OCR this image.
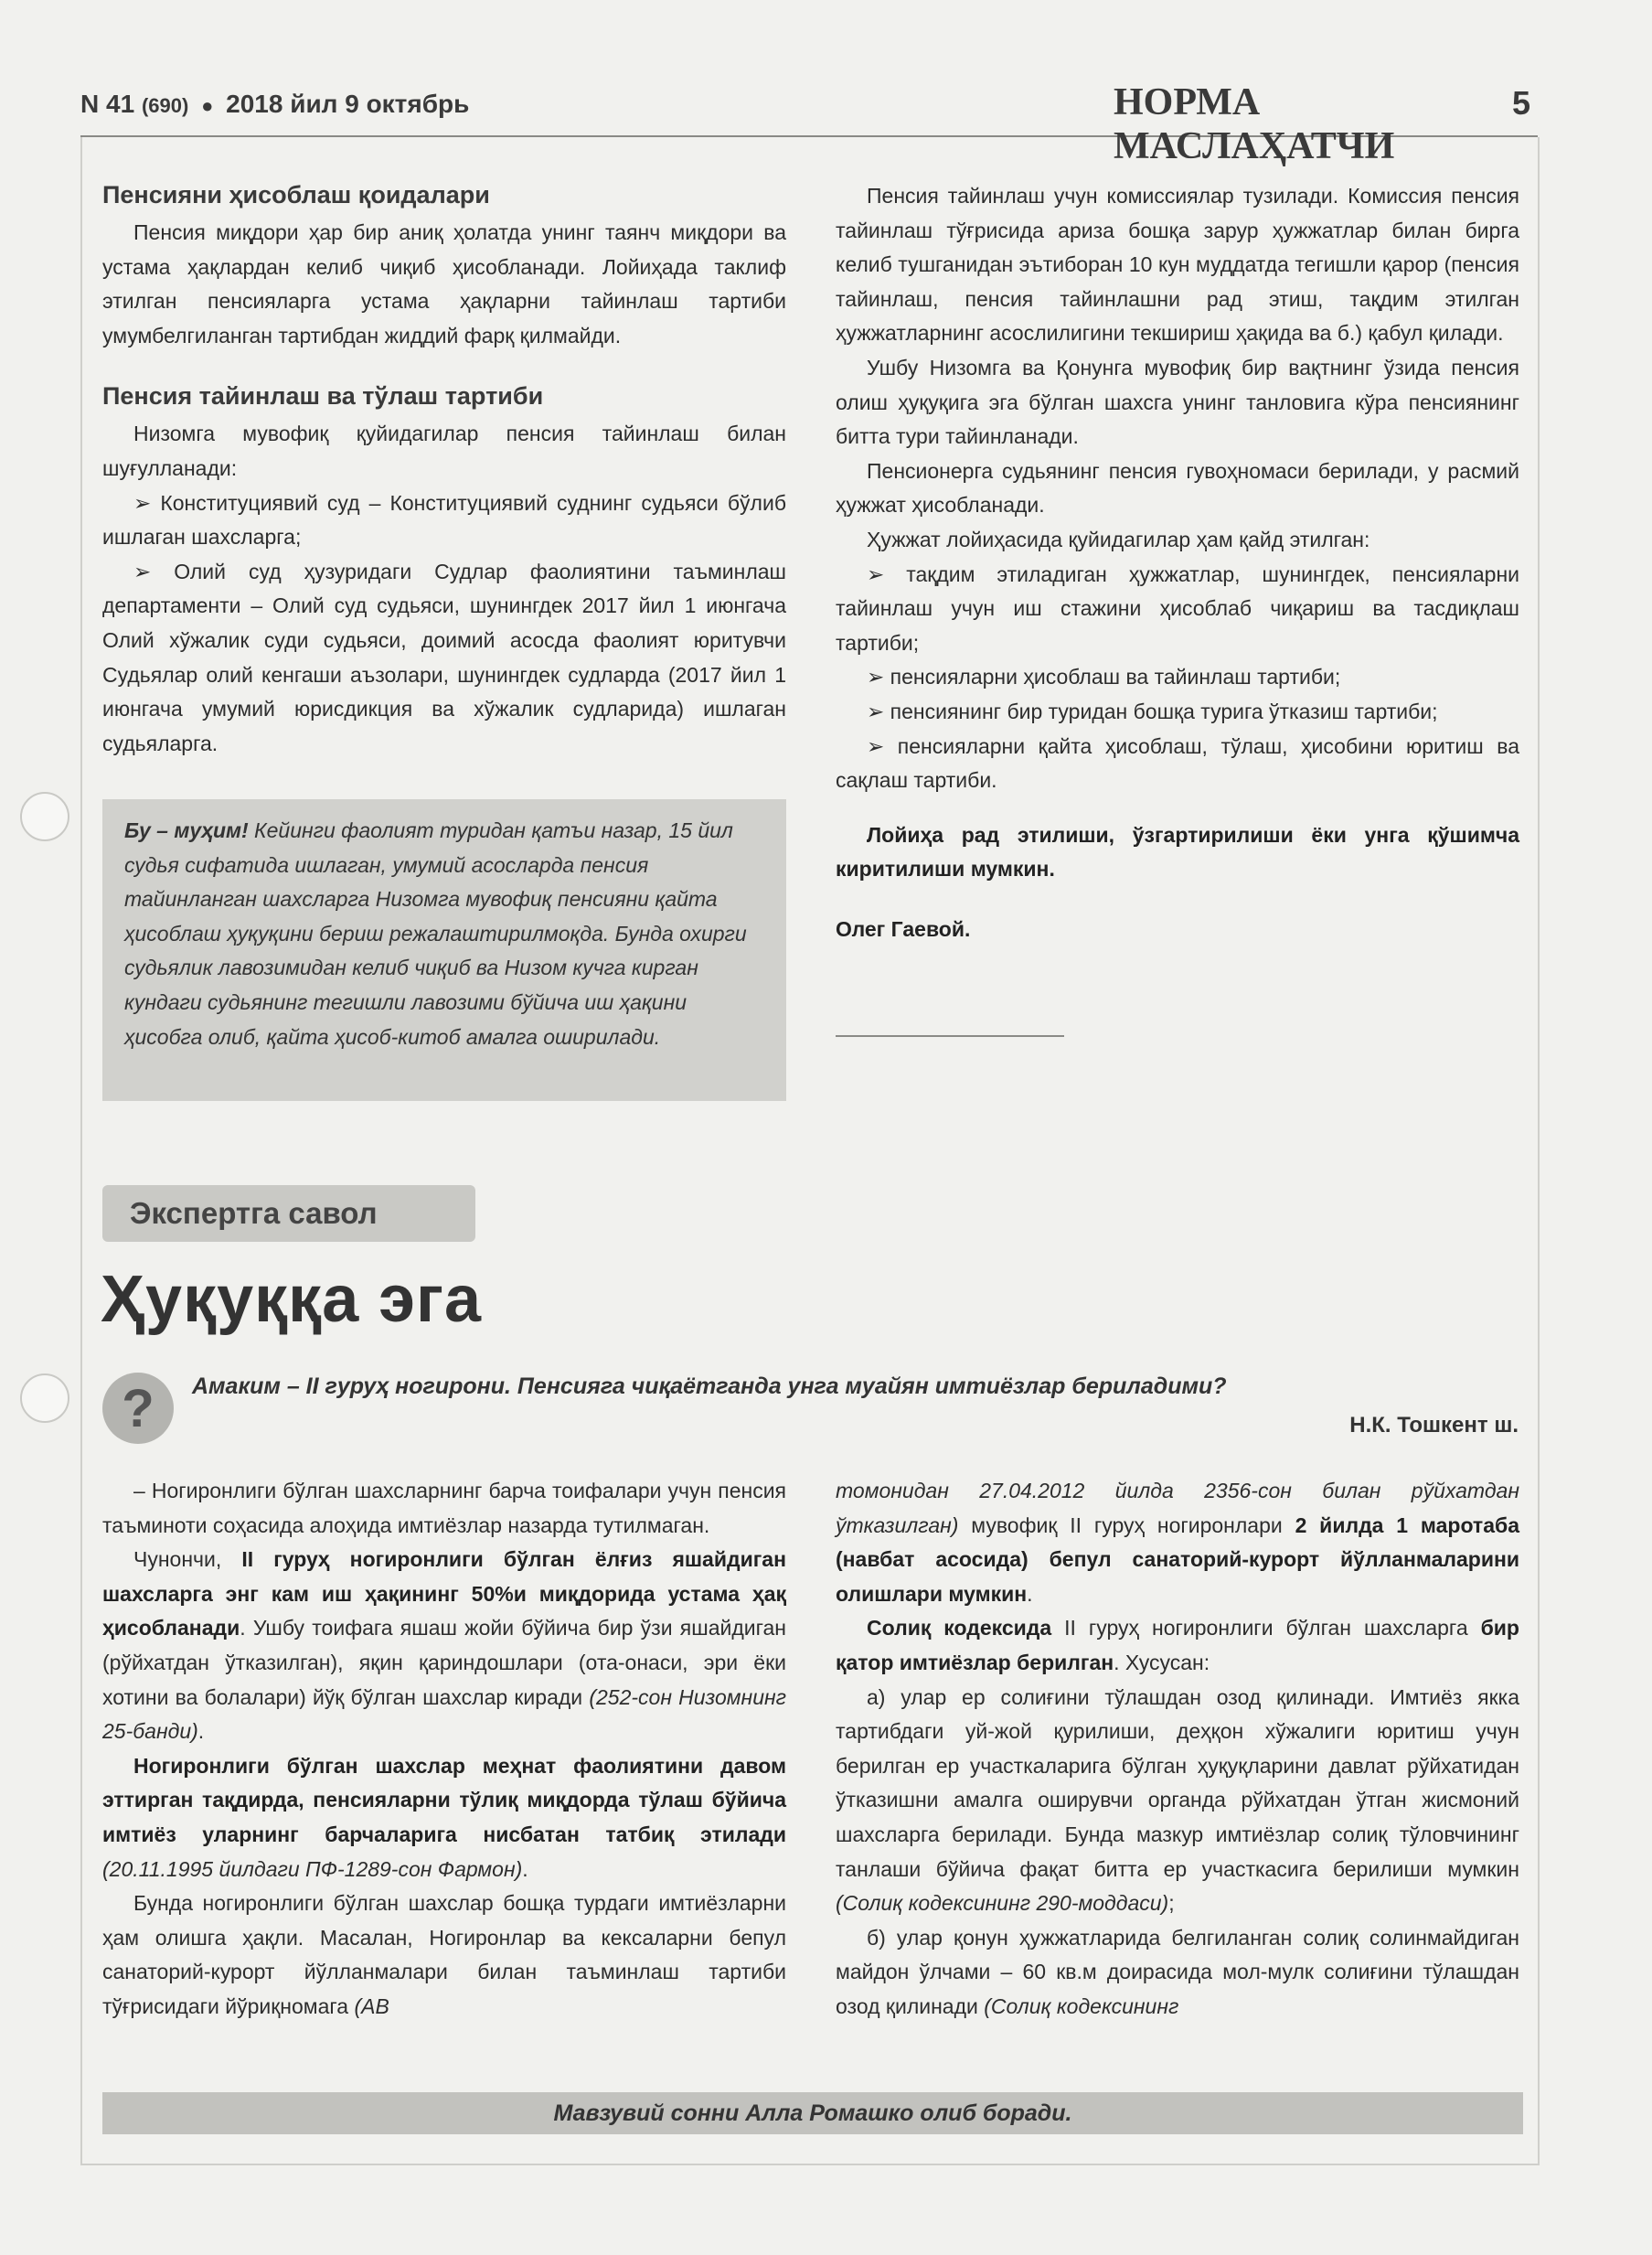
N 41 (690) ● 2018 йил 9 октябрь	НОРМА МАСЛАҲАТЧИ
5
Пенсияни ҳисоблаш қоидалари

Пенсия миқдори ҳар бир аниқ ҳолатда унинг таянч миқдори ва устама ҳақлардан келиб чиқиб ҳисобланади. Лойиҳада таклиф этилган пенсияларга устама ҳақларни тайинлаш тартиби умумбелгиланган тартибдан жиддий фарқ қилмайди.

Пенсия тайинлаш ва тўлаш тартиби

Низомга мувофиқ қуйидагилар пенсия тайинлаш билан шуғулланади:

➢ Конституциявий суд – Конституциявий суднинг судьяси бўлиб ишлаган шахсларга;

➢ Олий суд ҳузуридаги Судлар фаолиятини таъминлаш департаменти – Олий суд судьяси, шунингдек 2017 йил 1 июнгача Олий хўжалик суди судьяси, доимий асосда фаолият юритувчи Судьялар олий кенгаши аъзолари, шунингдек судларда (2017 йил 1 июнгача умумий юрисдикция ва хўжалик судларида) ишлаган судьяларга.

Бу – муҳим! Кейинги фаолият туридан қатъи назар, 15 йил судья сифатида ишлаган, умумий асосларда пенсия тайинланган шахсларга Низомга мувофиқ пенсияни қайта ҳисоблаш ҳуқуқини бериш режалаштирилмоқда. Бунда охирги судьялик лавозимидан келиб чиқиб ва Низом кучга кирган кундаги судьянинг тегишли лавозими бўйича иш ҳақини ҳисобга олиб, қайта ҳисоб-китоб амалга оширилади.

Пенсия тайинлаш учун комиссиялар тузилади. Комиссия пенсия тайинлаш тўғрисида ариза бошқа зарур ҳужжатлар билан бирга келиб тушганидан эътиборан 10 кун муддатда тегишли қарор (пенсия тайинлаш, пенсия тайинлашни рад этиш, тақдим этилган ҳужжатларнинг асослилигини текшириш ҳақида ва б.) қабул қилади.

Ушбу Низомга ва Қонунга мувофиқ бир вақтнинг ўзида пенсия олиш ҳуқуқига эга бўлган шахсга унинг танловига кўра пенсиянинг битта тури тайинланади.

Пенсионерга судьянинг пенсия гувоҳномаси берилади, у расмий ҳужжат ҳисобланади.

Ҳужжат лойиҳасида қуйидагилар ҳам қайд этилган:

➢ тақдим этиладиган ҳужжатлар, шунингдек, пенсияларни тайинлаш учун иш стажини ҳисоблаб чиқариш ва тасдиқлаш тартиби;

➢ пенсияларни ҳисоблаш ва тайинлаш тартиби;

➢ пенсиянинг бир туридан бошқа турига ўтказиш тартиби;

➢ пенсияларни қайта ҳисоблаш, тўлаш, ҳисобини юритиш ва сақлаш тартиби.

Лойиҳа рад этилиши, ўзгартирилиши ёки унга қўшимча киритилиши мумкин.

Олег Гаевой.

Экспертга савол
Ҳуқуққа эга
?	Амаким – II гуруҳ ногирони. Пенсияга чиқаётганда унга муайян имтиёзлар бериладими?
Н.К. Тошкент ш.

– Ногиронлиги бўлган шахсларнинг барча тоифалари учун пенсия таъминоти соҳасида алоҳида имтиёзлар назарда тутилмаган.

Чунончи, II гуруҳ ногиронлиги бўлган ёлғиз яшайдиган шахсларга энг кам иш ҳақининг 50%и миқдорида устама ҳақ ҳисобланади. Ушбу тоифага яшаш жойи бўйича бир ўзи яшайдиган (рўйхатдан ўтказилган), яқин қариндошлари (ота-онаси, эри ёки хотини ва болалари) йўқ бўлган шахслар киради (252-сон Низомнинг 25-банди).

Ногиронлиги бўлган шахслар меҳнат фаолиятини давом эттирган тақдирда, пенсияларни тўлиқ миқдорда тўлаш бўйича имтиёз уларнинг барчаларига нисбатан татбиқ этилади (20.11.1995 йилдаги ПФ-1289-сон Фармон).

Бунда ногиронлиги бўлган шахслар бошқа турдаги имтиёзларни ҳам олишга ҳақли. Масалан, Ногиронлар ва кексаларни бепул санаторий-курорт йўлланмалари билан таъминлаш тартиби тўғрисидаги йўриқномага (АВ

томонидан 27.04.2012 йилда 2356-сон билан рўйхатдан ўтказилган) мувофиқ II гуруҳ ногиронлари 2 йилда 1 маротаба (навбат асосида) бепул санаторий-курорт йўлланмаларини олишлари мумкин.

Солиқ кодексида II гуруҳ ногиронлиги бўлган шахсларга бир қатор имтиёзлар берилган. Хусусан:

а) улар ер солиғини тўлашдан озод қилинади. Имтиёз якка тартибдаги уй-жой қурилиши, деҳқон хўжалиги юритиш учун берилган ер участкаларига бўлган ҳуқуқларини давлат рўйхатидан ўтказишни амалга оширувчи органда рўйхатдан ўтган жисмоний шахсларга берилади. Бунда мазкур имтиёзлар солиқ тўловчининг танлаши бўйича фақат битта ер участкасига берилиши мумкин (Солиқ кодексининг 290-моддаси);

б) улар қонун ҳужжатларида белгиланган солиқ солинмайдиган майдон ўлчами – 60 кв.м доирасида мол-мулк солиғини тўлашдан озод қилинади (Солиқ кодексининг

Мавзувий сонни Алла Ромашко олиб боради.
